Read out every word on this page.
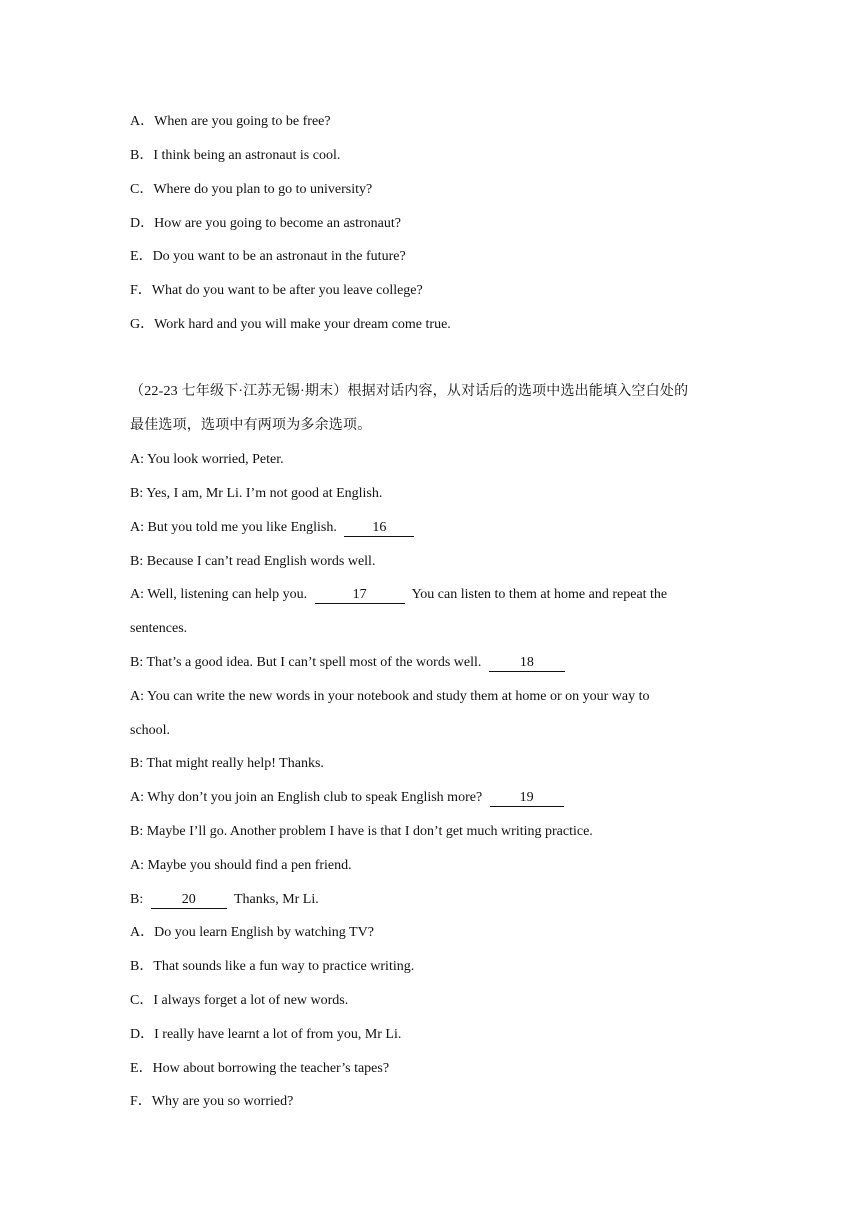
A．When are you going to be free?
B．I think being an astronaut is cool.
C．Where do you plan to go to university?
D．How are you going to become an astronaut?
E．Do you want to be an astronaut in the future?
F．What do you want to be after you leave college?
G．Work hard and you will make your dream come true.
（22-23 七年级下·江苏无锡·期末）根据对话内容，从对话后的选项中选出能填入空白处的
最佳选项，选项中有两项为多余选项。
A: You look worried, Peter.
B: Yes, I am, Mr Li. I’m not good at English.
A: But you told me you like English.	16
B: Because I can’t read English words well.
A: Well, listening can help you.	17	You can listen to them at home and repeat the
sentences.
B: That’s a good idea. But I can’t spell most of the words well.	18
A: You can write the new words in your notebook and study them at home or on your way to
school.
B: That might really help! Thanks.
A: Why don’t you join an English club to speak English more?	19
B: Maybe I’ll go. Another problem I have is that I don’t get much writing practice.
A: Maybe you should find a pen friend.
B:	20	Thanks, Mr Li.
A．Do you learn English by watching TV?
B．That sounds like a fun way to practice writing.
C．I always forget a lot of new words.
D．I really have learnt a lot of from you, Mr Li.
E．How about borrowing the teacher’s tapes?
F．Why are you so worried?
